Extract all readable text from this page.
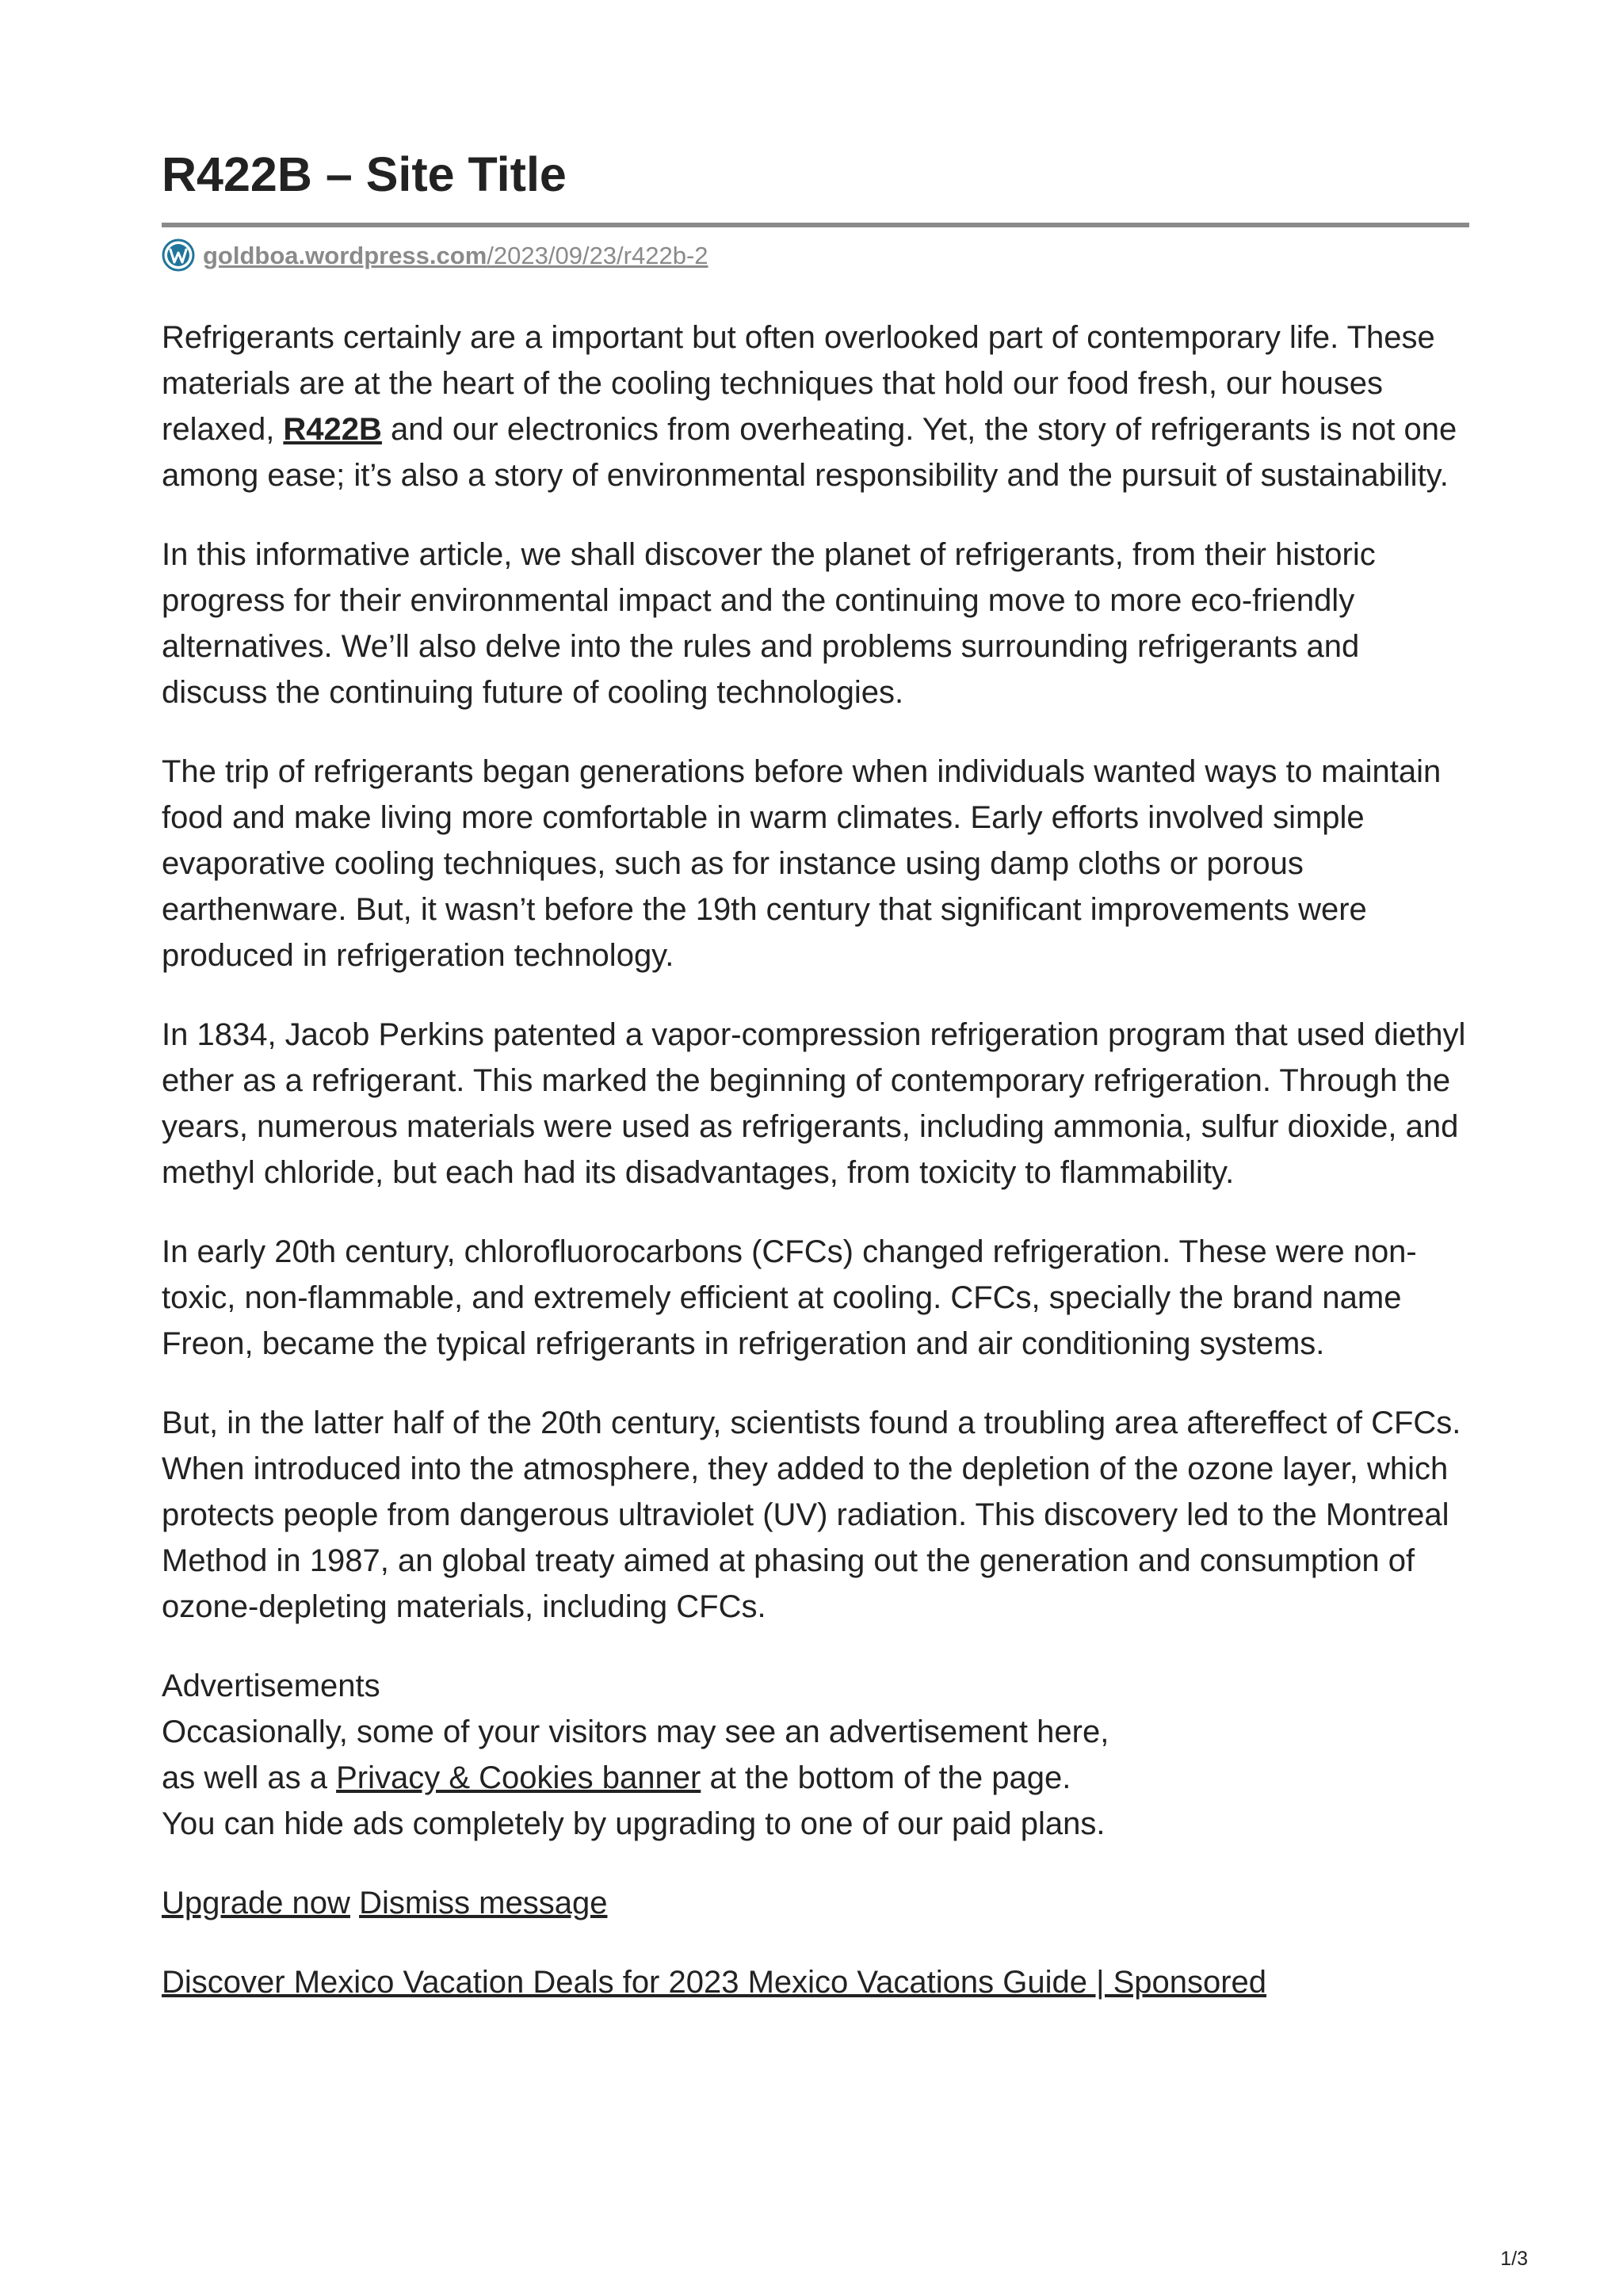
R422B – Site Title
goldboa.wordpress.com/2023/09/23/r422b-2

Refrigerants certainly are a important but often overlooked part of contemporary life. These materials are at the heart of the cooling techniques that hold our food fresh, our houses relaxed, R422B and our electronics from overheating. Yet, the story of refrigerants is not one among ease; it’s also a story of environmental responsibility and the pursuit of sustainability.

In this informative article, we shall discover the planet of refrigerants, from their historic progress for their environmental impact and the continuing move to more eco-friendly alternatives. We’ll also delve into the rules and problems surrounding refrigerants and discuss the continuing future of cooling technologies.

The trip of refrigerants began generations before when individuals wanted ways to maintain food and make living more comfortable in warm climates. Early efforts involved simple evaporative cooling techniques, such as for instance using damp cloths or porous earthenware. But, it wasn’t before the 19th century that significant improvements were produced in refrigeration technology.

In 1834, Jacob Perkins patented a vapor-compression refrigeration program that used diethyl ether as a refrigerant. This marked the beginning of contemporary refrigeration. Through the years, numerous materials were used as refrigerants, including ammonia, sulfur dioxide, and methyl chloride, but each had its disadvantages, from toxicity to flammability.

In early 20th century, chlorofluorocarbons (CFCs) changed refrigeration. These were non-toxic, non-flammable, and extremely efficient at cooling. CFCs, specially the brand name Freon, became the typical refrigerants in refrigeration and air conditioning systems.

But, in the latter half of the 20th century, scientists found a troubling area aftereffect of CFCs. When introduced into the atmosphere, they added to the depletion of the ozone layer, which protects people from dangerous ultraviolet (UV) radiation. This discovery led to the Montreal Method in 1987, an global treaty aimed at phasing out the generation and consumption of ozone-depleting materials, including CFCs.

Advertisements

Occasionally, some of your visitors may see an advertisement here,

as well as a Privacy & Cookies banner at the bottom of the page.

You can hide ads completely by upgrading to one of our paid plans.

Upgrade now Dismiss message

Discover Mexico Vacation Deals for 2023 Mexico Vacations Guide | Sponsored

1/3
